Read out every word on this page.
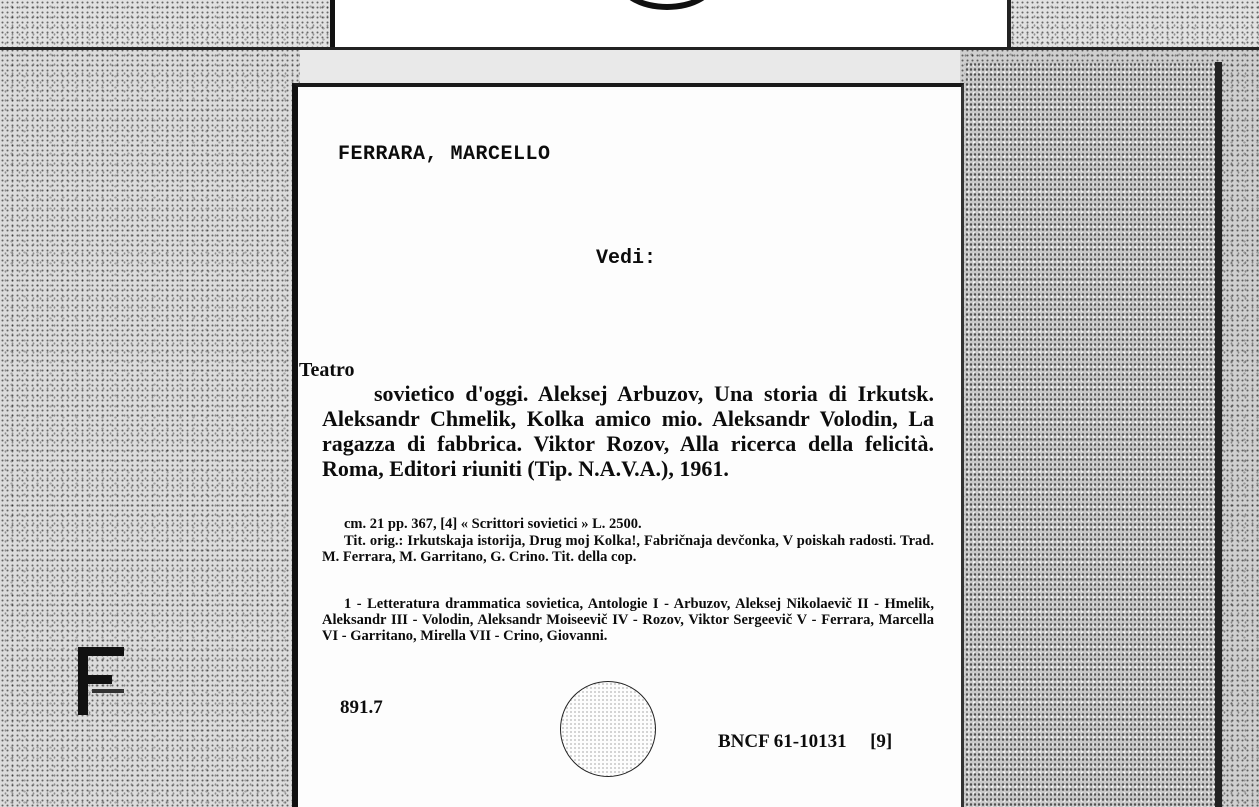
FERRARA, MARCELLO
Vedi:
Teatro

sovietico d'oggi. Aleksej Arbuzov, Una storia di Irkutsk. Aleksandr Chmelik, Kolka amico mio. Aleksandr Volodin, La ragazza di fabbrica. Viktor Rozov, Alla ricerca della felicità. Roma, Editori riuniti (Tip. N.A.V.A.), 1961.

cm. 21 pp. 367, [4] « Scrittori sovietici » L. 2500.

Tit. orig.: Irkutskaja istorija, Drug moj Kolka!, Fabričnaja devčonka, V poiskah radosti. Trad. M. Ferrara, M. Garritano, G. Crino. Tit. della cop.

1 - Letteratura drammatica sovietica, Antologie I - Arbuzov, Aleksej Nikolaevič II - Hmelik, Aleksandr III - Volodin, Aleksandr Moiseevič IV - Rozov, Viktor Sergeevič V - Ferrara, Marcella VI - Garritano, Mirella VII - Crino, Giovanni.

891.7
BNCF 61-10131 [9]
